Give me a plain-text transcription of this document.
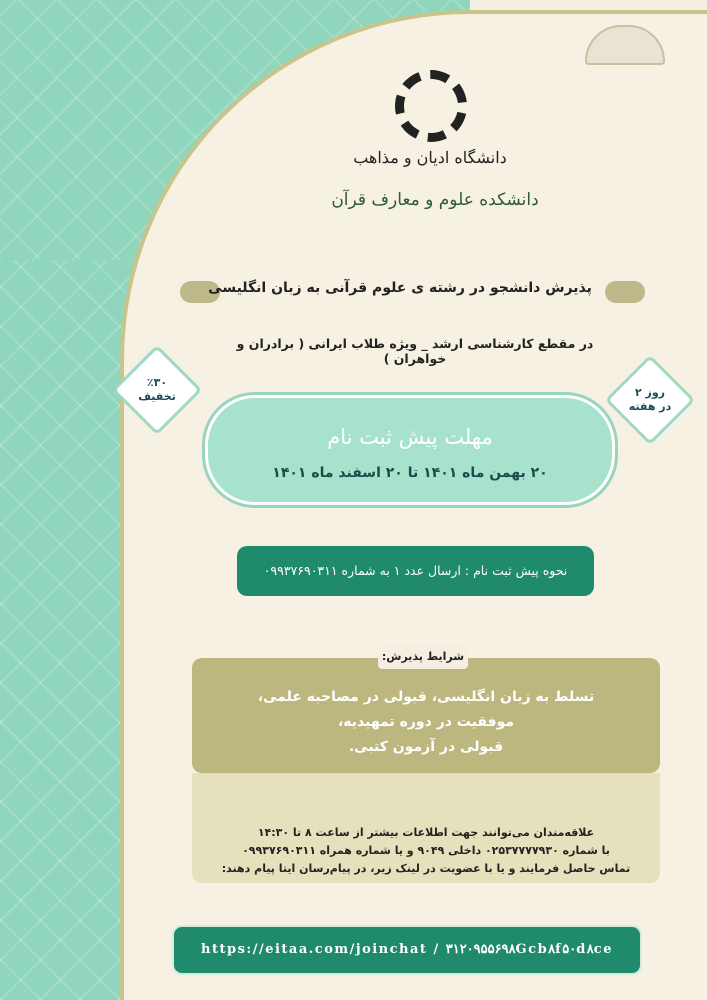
دانشگاه ادیان و مذاهب
دانشکده علوم و معارف قرآن
پذیرش دانشجو در رشته ی علوم قرآنی به زبان انگلیسی
در مقطع کارشناسی ارشد _ ویژه طلاب ایرانی ( برادران و خواهران )
٪۳۰
تخفیف	۲ روز
در هفته
مهلت پیش ثبت نام
۲۰ بهمن ماه ۱۴۰۱ تا ۲۰ اسفند ماه ۱۴۰۱
نحوه پیش ثبت نام : ارسال عدد ۱ به شماره ۰۹۹۳۷۶۹۰۳۱۱
شرایط پذیرش:
تسلط به زبان انگلیسی، قبولی در مصاحبه علمی،
موفقیت در دوره تمهیدیه،
قبولی در آزمون کتبی.
علاقه‌مندان می‌توانند جهت اطلاعات بیشتر از ساعت ۸ تا ۱۴:۳۰
با شماره ۰۲۵۳۷۷۷۷۹۳۰ داخلی ۹۰۴۹ و یا شماره همراه ۰۹۹۳۷۶۹۰۳۱۱
تماس حاصل فرمایند و یا با عضویت در لینک زیر، در پیام‌رسان ایتا پیام دهند:
https://eitaa.com/joinchat / ۳۱۲۰۹۵۵۶۹۸Gcb۸f۵۰d۸ce
